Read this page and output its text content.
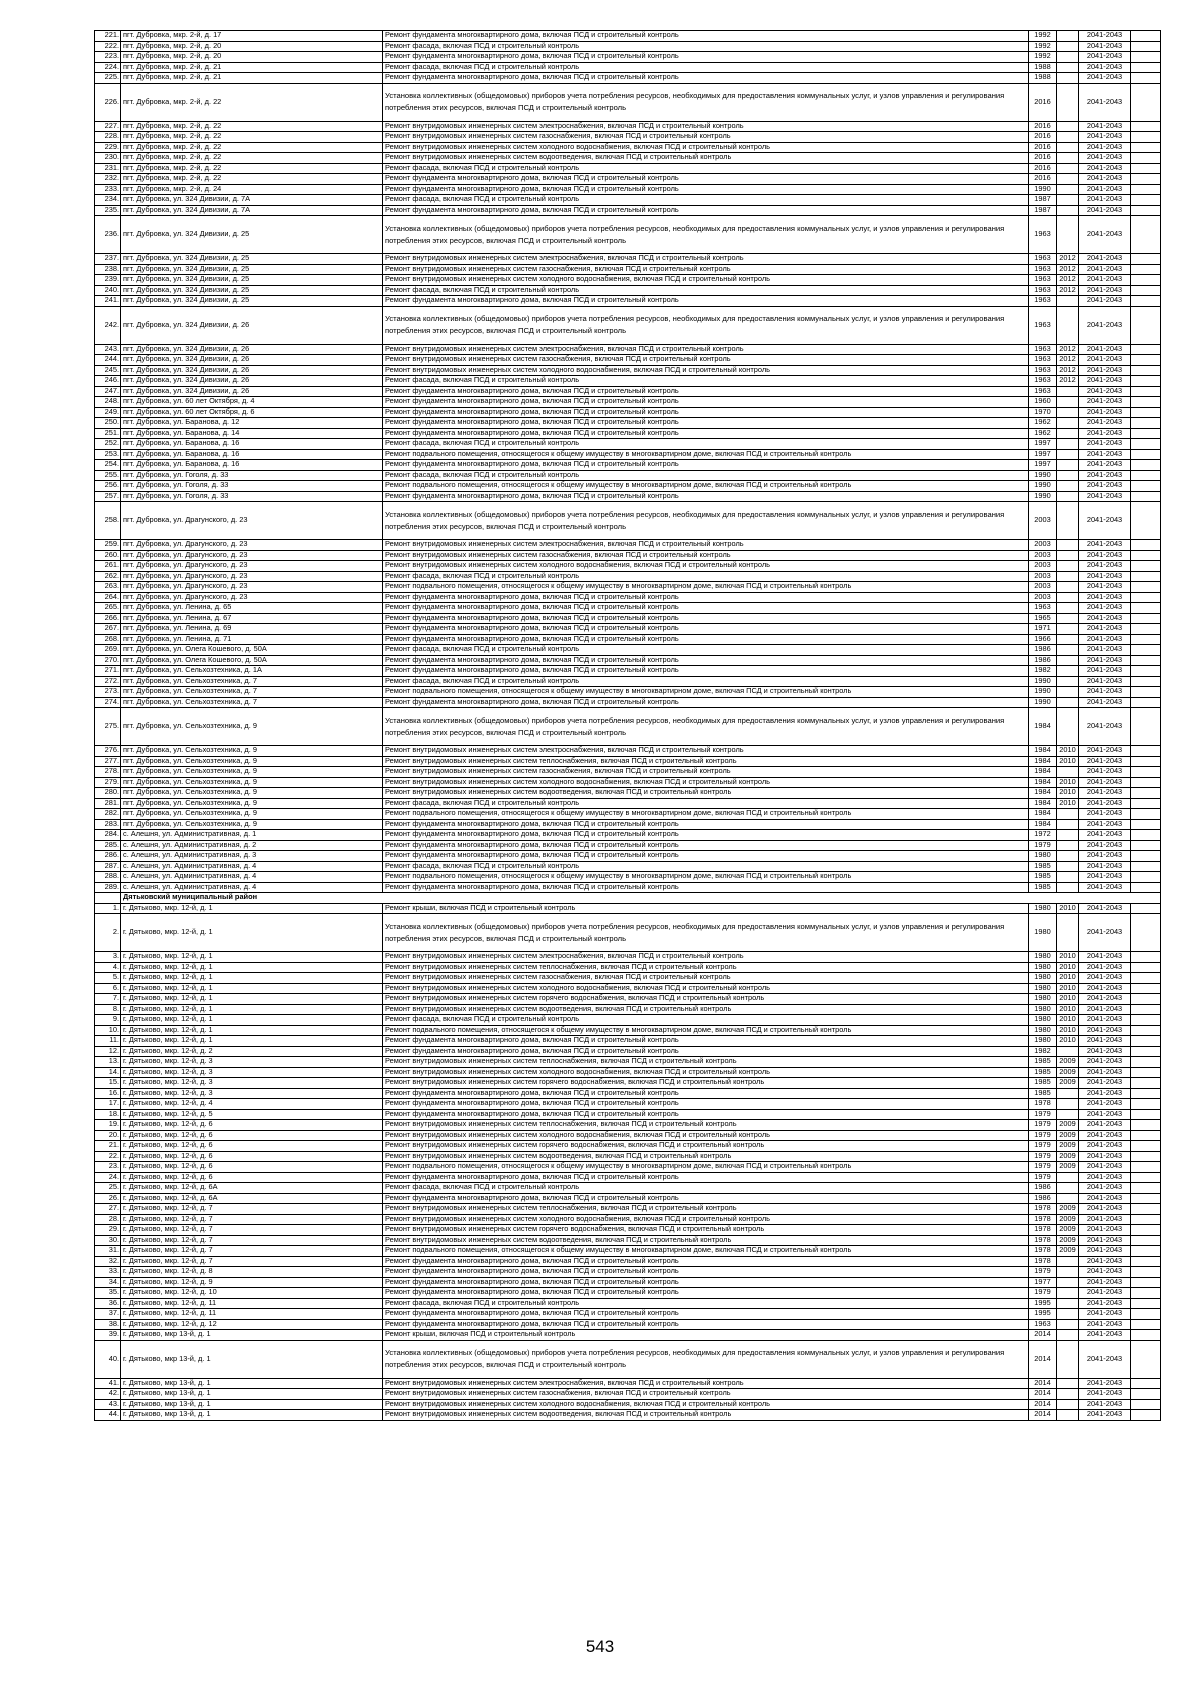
221.	пгт. Дубровка, мкр. 2-й, д. 17	Ремонт фундамента многоквартирного дома, включая ПСД и строительный контроль	1992		2041-2043	
222.	пгт. Дубровка, мкр. 2-й, д. 20	Ремонт фасада, включая ПСД и строительный контроль	1992		2041-2043	
223.	пгт. Дубровка, мкр. 2-й, д. 20	Ремонт фундамента многоквартирного дома, включая ПСД и строительный контроль	1992		2041-2043	
224.	пгт. Дубровка, мкр. 2-й, д. 21	Ремонт фасада, включая ПСД и строительный контроль	1988		2041-2043	
225.	пгт. Дубровка, мкр. 2-й, д. 21	Ремонт фундамента многоквартирного дома, включая ПСД и строительный контроль	1988		2041-2043	
226.	пгт. Дубровка, мкр. 2-й, д. 22	Установка коллективных (общедомовых) приборов учета потребления ресурсов, необходимых для предоставления коммунальных услуг, и узлов управления и регулирования потребления этих ресурсов, включая ПСД и строительный контроль	2016		2041-2043	
227.	пгт. Дубровка, мкр. 2-й, д. 22	Ремонт внутридомовых инженерных систем электроснабжения, включая ПСД и строительный контроль	2016		2041-2043	
228.	пгт. Дубровка, мкр. 2-й, д. 22	Ремонт внутридомовых инженерных систем газоснабжения, включая ПСД и строительный контроль	2016		2041-2043	
229.	пгт. Дубровка, мкр. 2-й, д. 22	Ремонт внутридомовых инженерных систем холодного водоснабжения, включая ПСД и строительный контроль	2016		2041-2043	
230.	пгт. Дубровка, мкр. 2-й, д. 22	Ремонт внутридомовых инженерных систем водоотведения, включая ПСД и строительный контроль	2016		2041-2043	
231.	пгт. Дубровка, мкр. 2-й, д. 22	Ремонт фасада, включая ПСД и строительный контроль	2016		2041-2043	
232.	пгт. Дубровка, мкр. 2-й, д. 22	Ремонт фундамента многоквартирного дома, включая ПСД и строительный контроль	2016		2041-2043	
233.	пгт. Дубровка, мкр. 2-й, д. 24	Ремонт фундамента многоквартирного дома, включая ПСД и строительный контроль	1990		2041-2043	
234.	пгт. Дубровка, ул. 324 Дивизии, д. 7А	Ремонт фасада, включая ПСД и строительный контроль	1987		2041-2043	
235.	пгт. Дубровка, ул. 324 Дивизии, д. 7А	Ремонт фундамента многоквартирного дома, включая ПСД и строительный контроль	1987		2041-2043	
236.	пгт. Дубровка, ул. 324 Дивизии, д. 25	Установка коллективных (общедомовых) приборов учета потребления ресурсов, необходимых для предоставления коммунальных услуг, и узлов управления и регулирования потребления этих ресурсов, включая ПСД и строительный контроль	1963		2041-2043	
237.	пгт. Дубровка, ул. 324 Дивизии, д. 25	Ремонт внутридомовых инженерных систем электроснабжения, включая ПСД и строительный контроль	1963	2012	2041-2043	
238.	пгт. Дубровка, ул. 324 Дивизии, д. 25	Ремонт внутридомовых инженерных систем газоснабжения, включая ПСД и строительный контроль	1963	2012	2041-2043	
239.	пгт. Дубровка, ул. 324 Дивизии, д. 25	Ремонт внутридомовых инженерных систем холодного водоснабжения, включая ПСД и строительный контроль	1963	2012	2041-2043	
240.	пгт. Дубровка, ул. 324 Дивизии, д. 25	Ремонт фасада, включая ПСД и строительный контроль	1963	2012	2041-2043	
241.	пгт. Дубровка, ул. 324 Дивизии, д. 25	Ремонт фундамента многоквартирного дома, включая ПСД и строительный контроль	1963		2041-2043	
242.	пгт. Дубровка, ул. 324 Дивизии, д. 26	Установка коллективных (общедомовых) приборов учета потребления ресурсов, необходимых для предоставления коммунальных услуг, и узлов управления и регулирования потребления этих ресурсов, включая ПСД и строительный контроль	1963		2041-2043	
243.	пгт. Дубровка, ул. 324 Дивизии, д. 26	Ремонт внутридомовых инженерных систем электроснабжения, включая ПСД и строительный контроль	1963	2012	2041-2043	
244.	пгт. Дубровка, ул. 324 Дивизии, д. 26	Ремонт внутридомовых инженерных систем газоснабжения, включая ПСД и строительный контроль	1963	2012	2041-2043	
245.	пгт. Дубровка, ул. 324 Дивизии, д. 26	Ремонт внутридомовых инженерных систем холодного водоснабжения, включая ПСД и строительный контроль	1963	2012	2041-2043	
246.	пгт. Дубровка, ул. 324 Дивизии, д. 26	Ремонт фасада, включая ПСД и строительный контроль	1963	2012	2041-2043	
247.	пгт. Дубровка, ул. 324 Дивизии, д. 26	Ремонт фундамента многоквартирного дома, включая ПСД и строительный контроль	1963		2041-2043	
248.	пгт. Дубровка, ул. 60 лет Октября, д. 4	Ремонт фундамента многоквартирного дома, включая ПСД и строительный контроль	1960		2041-2043	
249.	пгт. Дубровка, ул. 60 лет Октября, д. 6	Ремонт фундамента многоквартирного дома, включая ПСД и строительный контроль	1970		2041-2043	
250.	пгт. Дубровка, ул. Баранова, д. 12	Ремонт фундамента многоквартирного дома, включая ПСД и строительный контроль	1962		2041-2043	
251.	пгт. Дубровка, ул. Баранова, д. 14	Ремонт фундамента многоквартирного дома, включая ПСД и строительный контроль	1962		2041-2043	
252.	пгт. Дубровка, ул. Баранова, д. 16	Ремонт фасада, включая ПСД и строительный контроль	1997		2041-2043	
253.	пгт. Дубровка, ул. Баранова, д. 16	Ремонт подвального помещения, относящегося к общему имуществу в многоквартирном доме, включая ПСД и строительный контроль	1997		2041-2043	
254.	пгт. Дубровка, ул. Баранова, д. 16	Ремонт фундамента многоквартирного дома, включая ПСД и строительный контроль	1997		2041-2043	
255.	пгт. Дубровка, ул. Гоголя, д. 33	Ремонт фасада, включая ПСД и строительный контроль	1990		2041-2043	
256.	пгт. Дубровка, ул. Гоголя, д. 33	Ремонт подвального помещения, относящегося к общему имуществу в многоквартирном доме, включая ПСД и строительный контроль	1990		2041-2043	
257.	пгт. Дубровка, ул. Гоголя, д. 33	Ремонт фундамента многоквартирного дома, включая ПСД и строительный контроль	1990		2041-2043	
258.	пгт. Дубровка, ул. Драгунского, д. 23	Установка коллективных (общедомовых) приборов учета потребления ресурсов, необходимых для предоставления коммунальных услуг, и узлов управления и регулирования потребления этих ресурсов, включая ПСД и строительный контроль	2003		2041-2043	
259.	пгт. Дубровка, ул. Драгунского, д. 23	Ремонт внутридомовых инженерных систем электроснабжения, включая ПСД и строительный контроль	2003		2041-2043	
260.	пгт. Дубровка, ул. Драгунского, д. 23	Ремонт внутридомовых инженерных систем газоснабжения, включая ПСД и строительный контроль	2003		2041-2043	
261.	пгт. Дубровка, ул. Драгунского, д. 23	Ремонт внутридомовых инженерных систем холодного водоснабжения, включая ПСД и строительный контроль	2003		2041-2043	
262.	пгт. Дубровка, ул. Драгунского, д. 23	Ремонт фасада, включая ПСД и строительный контроль	2003		2041-2043	
263.	пгт. Дубровка, ул. Драгунского, д. 23	Ремонт подвального помещения, относящегося к общему имуществу в многоквартирном доме, включая ПСД и строительный контроль	2003		2041-2043	
264.	пгт. Дубровка, ул. Драгунского, д. 23	Ремонт фундамента многоквартирного дома, включая ПСД и строительный контроль	2003		2041-2043	
265.	пгт. Дубровка, ул. Ленина, д. 65	Ремонт фундамента многоквартирного дома, включая ПСД и строительный контроль	1963		2041-2043	
266.	пгт. Дубровка, ул. Ленина, д. 67	Ремонт фундамента многоквартирного дома, включая ПСД и строительный контроль	1965		2041-2043	
267.	пгт. Дубровка, ул. Ленина, д. 69	Ремонт фундамента многоквартирного дома, включая ПСД и строительный контроль	1971		2041-2043	
268.	пгт. Дубровка, ул. Ленина, д. 71	Ремонт фундамента многоквартирного дома, включая ПСД и строительный контроль	1966		2041-2043	
269.	пгт. Дубровка, ул. Олега Кошевого, д. 50А	Ремонт фасада, включая ПСД и строительный контроль	1986		2041-2043	
270.	пгт. Дубровка, ул. Олега Кошевого, д. 50А	Ремонт фундамента многоквартирного дома, включая ПСД и строительный контроль	1986		2041-2043	
271.	пгт. Дубровка, ул. Сельхозтехника, д. 1А	Ремонт фундамента многоквартирного дома, включая ПСД и строительный контроль	1982		2041-2043	
272.	пгт. Дубровка, ул. Сельхозтехника, д. 7	Ремонт фасада, включая ПСД и строительный контроль	1990		2041-2043	
273.	пгт. Дубровка, ул. Сельхозтехника, д. 7	Ремонт подвального помещения, относящегося к общему имуществу в многоквартирном доме, включая ПСД и строительный контроль	1990		2041-2043	
274.	пгт. Дубровка, ул. Сельхозтехника, д. 7	Ремонт фундамента многоквартирного дома, включая ПСД и строительный контроль	1990		2041-2043	
275.	пгт. Дубровка, ул. Сельхозтехника, д. 9	Установка коллективных (общедомовых) приборов учета потребления ресурсов, необходимых для предоставления коммунальных услуг, и узлов управления и регулирования потребления этих ресурсов, включая ПСД и строительный контроль	1984		2041-2043	
276.	пгт. Дубровка, ул. Сельхозтехника, д. 9	Ремонт внутридомовых инженерных систем электроснабжения, включая ПСД и строительный контроль	1984	2010	2041-2043	
277.	пгт. Дубровка, ул. Сельхозтехника, д. 9	Ремонт внутридомовых инженерных систем теплоснабжения, включая ПСД и строительный контроль	1984	2010	2041-2043	
278.	пгт. Дубровка, ул. Сельхозтехника, д. 9	Ремонт внутридомовых инженерных систем газоснабжения, включая ПСД и строительный контроль	1984		2041-2043	
279.	пгт. Дубровка, ул. Сельхозтехника, д. 9	Ремонт внутридомовых инженерных систем холодного водоснабжения, включая ПСД и строительный контроль	1984	2010	2041-2043	
280.	пгт. Дубровка, ул. Сельхозтехника, д. 9	Ремонт внутридомовых инженерных систем водоотведения, включая ПСД и строительный контроль	1984	2010	2041-2043	
281.	пгт. Дубровка, ул. Сельхозтехника, д. 9	Ремонт фасада, включая ПСД и строительный контроль	1984	2010	2041-2043	
282.	пгт. Дубровка, ул. Сельхозтехника, д. 9	Ремонт подвального помещения, относящегося к общему имуществу в многоквартирном доме, включая ПСД и строительный контроль	1984		2041-2043	
283.	пгт. Дубровка, ул. Сельхозтехника, д. 9	Ремонт фундамента многоквартирного дома, включая ПСД и строительный контроль	1984		2041-2043	
284.	с. Алешня, ул. Административная, д. 1	Ремонт фундамента многоквартирного дома, включая ПСД и строительный контроль	1972		2041-2043	
285.	с. Алешня, ул. Административная, д. 2	Ремонт фундамента многоквартирного дома, включая ПСД и строительный контроль	1979		2041-2043	
286.	с. Алешня, ул. Административная, д. 3	Ремонт фундамента многоквартирного дома, включая ПСД и строительный контроль	1980		2041-2043	
287.	с. Алешня, ул. Административная, д. 4	Ремонт фасада, включая ПСД и строительный контроль	1985		2041-2043	
288.	с. Алешня, ул. Административная, д. 4	Ремонт подвального помещения, относящегося к общему имуществу в многоквартирном доме, включая ПСД и строительный контроль	1985		2041-2043	
289.	с. Алешня, ул. Административная, д. 4	Ремонт фундамента многоквартирного дома, включая ПСД и строительный контроль	1985		2041-2043	
	Дятьковский муниципальный район					
1.	г. Дятьково, мкр. 12-й, д. 1	Ремонт крыши, включая ПСД и строительный контроль	1980	2010	2041-2043	
2.	г. Дятьково, мкр. 12-й, д. 1	Установка коллективных (общедомовых) приборов учета потребления ресурсов, необходимых для предоставления коммунальных услуг, и узлов управления и регулирования потребления этих ресурсов, включая ПСД и строительный контроль	1980		2041-2043	
3.	г. Дятьково, мкр. 12-й, д. 1	Ремонт внутридомовых инженерных систем электроснабжения, включая ПСД и строительный контроль	1980	2010	2041-2043	
4.	г. Дятьково, мкр. 12-й, д. 1	Ремонт внутридомовых инженерных систем теплоснабжения, включая ПСД и строительный контроль	1980	2010	2041-2043	
5.	г. Дятьково, мкр. 12-й, д. 1	Ремонт внутридомовых инженерных систем газоснабжения, включая ПСД и строительный контроль	1980	2010	2041-2043	
6.	г. Дятьково, мкр. 12-й, д. 1	Ремонт внутридомовых инженерных систем холодного водоснабжения, включая ПСД и строительный контроль	1980	2010	2041-2043	
7.	г. Дятьково, мкр. 12-й, д. 1	Ремонт внутридомовых инженерных систем горячего водоснабжения, включая ПСД и строительный контроль	1980	2010	2041-2043	
8.	г. Дятьково, мкр. 12-й, д. 1	Ремонт внутридомовых инженерных систем водоотведения, включая ПСД и строительный контроль	1980	2010	2041-2043	
9.	г. Дятьково, мкр. 12-й, д. 1	Ремонт фасада, включая ПСД и строительный контроль	1980	2010	2041-2043	
10.	г. Дятьково, мкр. 12-й, д. 1	Ремонт подвального помещения, относящегося к общему имуществу в многоквартирном доме, включая ПСД и строительный контроль	1980	2010	2041-2043	
11.	г. Дятьково, мкр. 12-й, д. 1	Ремонт фундамента многоквартирного дома, включая ПСД и строительный контроль	1980	2010	2041-2043	
12.	г. Дятьково, мкр. 12-й, д. 2	Ремонт фундамента многоквартирного дома, включая ПСД и строительный контроль	1982		2041-2043	
13.	г. Дятьково, мкр. 12-й, д. 3	Ремонт внутридомовых инженерных систем теплоснабжения, включая ПСД и строительный контроль	1985	2009	2041-2043	
14.	г. Дятьково, мкр. 12-й, д. 3	Ремонт внутридомовых инженерных систем холодного водоснабжения, включая ПСД и строительный контроль	1985	2009	2041-2043	
15.	г. Дятьково, мкр. 12-й, д. 3	Ремонт внутридомовых инженерных систем горячего водоснабжения, включая ПСД и строительный контроль	1985	2009	2041-2043	
16.	г. Дятьково, мкр. 12-й, д. 3	Ремонт фундамента многоквартирного дома, включая ПСД и строительный контроль	1985		2041-2043	
17.	г. Дятьково, мкр. 12-й, д. 4	Ремонт фундамента многоквартирного дома, включая ПСД и строительный контроль	1978		2041-2043	
18.	г. Дятьково, мкр. 12-й, д. 5	Ремонт фундамента многоквартирного дома, включая ПСД и строительный контроль	1979		2041-2043	
19.	г. Дятьково, мкр. 12-й, д. 6	Ремонт внутридомовых инженерных систем теплоснабжения, включая ПСД и строительный контроль	1979	2009	2041-2043	
20.	г. Дятьково, мкр. 12-й, д. 6	Ремонт внутридомовых инженерных систем холодного водоснабжения, включая ПСД и строительный контроль	1979	2009	2041-2043	
21.	г. Дятьково, мкр. 12-й, д. 6	Ремонт внутридомовых инженерных систем горячего водоснабжения, включая ПСД и строительный контроль	1979	2009	2041-2043	
22.	г. Дятьково, мкр. 12-й, д. 6	Ремонт внутридомовых инженерных систем водоотведения, включая ПСД и строительный контроль	1979	2009	2041-2043	
23.	г. Дятьково, мкр. 12-й, д. 6	Ремонт подвального помещения, относящегося к общему имуществу в многоквартирном доме, включая ПСД и строительный контроль	1979	2009	2041-2043	
24.	г. Дятьково, мкр. 12-й, д. 6	Ремонт фундамента многоквартирного дома, включая ПСД и строительный контроль	1979		2041-2043	
25.	г. Дятьково, мкр. 12-й, д. 6А	Ремонт фасада, включая ПСД и строительный контроль	1986		2041-2043	
26.	г. Дятьково, мкр. 12-й, д. 6А	Ремонт фундамента многоквартирного дома, включая ПСД и строительный контроль	1986		2041-2043	
27.	г. Дятьково, мкр. 12-й, д. 7	Ремонт внутридомовых инженерных систем теплоснабжения, включая ПСД и строительный контроль	1978	2009	2041-2043	
28.	г. Дятьково, мкр. 12-й, д. 7	Ремонт внутридомовых инженерных систем холодного водоснабжения, включая ПСД и строительный контроль	1978	2009	2041-2043	
29.	г. Дятьково, мкр. 12-й, д. 7	Ремонт внутридомовых инженерных систем горячего водоснабжения, включая ПСД и строительный контроль	1978	2009	2041-2043	
30.	г. Дятьково, мкр. 12-й, д. 7	Ремонт внутридомовых инженерных систем водоотведения, включая ПСД и строительный контроль	1978	2009	2041-2043	
31.	г. Дятьково, мкр. 12-й, д. 7	Ремонт подвального помещения, относящегося к общему имуществу в многоквартирном доме, включая ПСД и строительный контроль	1978	2009	2041-2043	
32.	г. Дятьково, мкр. 12-й, д. 7	Ремонт фундамента многоквартирного дома, включая ПСД и строительный контроль	1978		2041-2043	
33.	г. Дятьково, мкр. 12-й, д. 8	Ремонт фундамента многоквартирного дома, включая ПСД и строительный контроль	1979		2041-2043	
34.	г. Дятьково, мкр. 12-й, д. 9	Ремонт фундамента многоквартирного дома, включая ПСД и строительный контроль	1977		2041-2043	
35.	г. Дятьково, мкр. 12-й, д. 10	Ремонт фундамента многоквартирного дома, включая ПСД и строительный контроль	1979		2041-2043	
36.	г. Дятьково, мкр. 12-й, д. 11	Ремонт фасада, включая ПСД и строительный контроль	1995		2041-2043	
37.	г. Дятьково, мкр. 12-й, д. 11	Ремонт фундамента многоквартирного дома, включая ПСД и строительный контроль	1995		2041-2043	
38.	г. Дятьково, мкр. 12-й, д. 12	Ремонт фундамента многоквартирного дома, включая ПСД и строительный контроль	1963		2041-2043	
39.	г. Дятьково, мкр 13-й, д. 1	Ремонт крыши, включая ПСД и строительный контроль	2014		2041-2043	
40.	г. Дятьково, мкр 13-й, д. 1	Установка коллективных (общедомовых) приборов учета потребления ресурсов, необходимых для предоставления коммунальных услуг, и узлов управления и регулирования потребления этих ресурсов, включая ПСД и строительный контроль	2014		2041-2043	
41.	г. Дятьково, мкр 13-й, д. 1	Ремонт внутридомовых инженерных систем электроснабжения, включая ПСД и строительный контроль	2014		2041-2043	
42.	г. Дятьково, мкр 13-й, д. 1	Ремонт внутридомовых инженерных систем газоснабжения, включая ПСД и строительный контроль	2014		2041-2043	
43.	г. Дятьково, мкр 13-й, д. 1	Ремонт внутридомовых инженерных систем холодного водоснабжения, включая ПСД и строительный контроль	2014		2041-2043	
44.	г. Дятьково, мкр 13-й, д. 1	Ремонт внутридомовых инженерных систем водоотведения, включая ПСД и строительный контроль	2014		2041-2043	
543
